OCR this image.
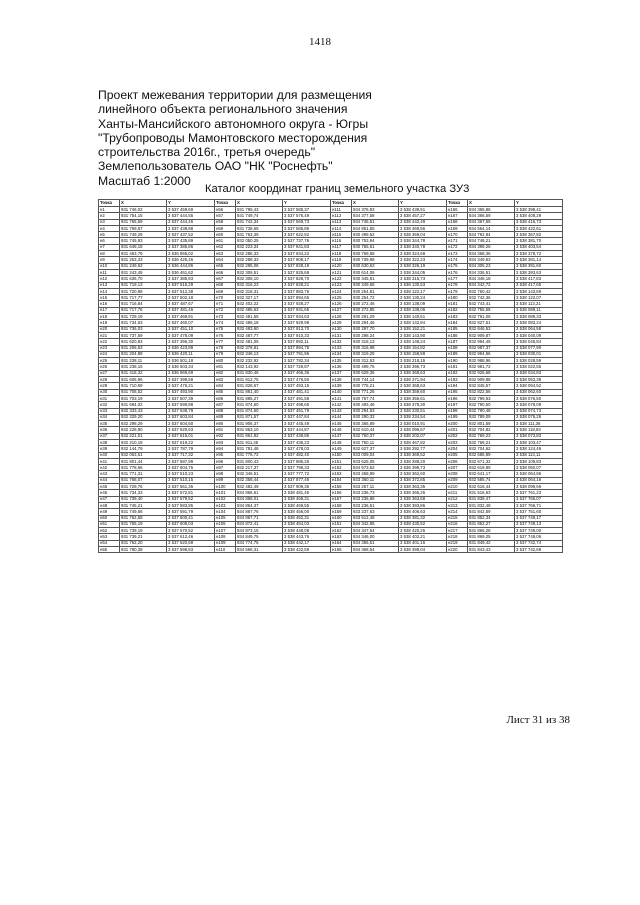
1418
Проект межевания территории для размещения
линейного объекта регионального значения
Ханты-Мансийского автономного округа - Югры
"Трубопроводы Мамонтовского месторождения
строительства 2016г., третья очередь"
Землепользователь ОАО "НК "Роснефть"
Масштаб 1:2000
Каталог координат границ земельного участка ЗУ3
Точка	X	Y	Точка	X	Y	Точка	X	Y	Точка	X	Y
н1	931 746,02	3 537 459,69	н56	931 795,43	3 537 585,37	н111	934 376,93	3 538 439,51	н166	934 365,86	3 538 398,41
н2	931 754,15	3 537 444,55	н57	931 749,74	3 537 576,49	н112	934 377,58	3 538 457,27	н167	934 366,59	3 538 408,29
н3	931 765,59	3 537 444,46	н58	931 742,34	3 537 569,73	н113	934 745,51	3 538 442,49	н168	934 367,55	3 538 416,73
н4	931 769,57	3 537 438,88	н59	931 738,65	3 537 585,86	н114	934 851,55	3 538 469,56	н169	934 564,14	3 538 422,61
н5	931 749,29	3 537 437,52	н60	931 763,39	3 537 622,82	н115	930 499,52	3 538 359,04	н170	934 792,94	3 538 367,82
н6	931 745,93	3 537 435,89	н61	932 050,25	3 537 737,76	н116	930 753,94	3 538 344,78	н171	934 748,21	3 538 381,70
н7	931 648,18	3 537 386,86	н62	932 223,34	3 537 841,83	н117	930 765,61	3 538 340,78	н172	934 398,26	3 538 403,54
н8	931 463,79	3 536 855,02	н63	932 286,33	3 537 834,22	н118	930 759,58	3 538 324,69	н173	934 368,36	3 538 378,72
н9	931 253,33	3 536 425,46	н64	932 288,33	3 537 808,17	н119	930 739,88	3 538 322,23	н174	934 349,63	3 538 381,14
н10	931 249,62	3 536 444,86	н65	932 285,08	3 537 828,19	н120	930 630,63	3 538 326,19	н175	934 305,23	3 538 391,60
н11	931 243,45	3 536 461,62	н66	932 306,51	3 537 825,68	н121	930 614,06	3 538 344,05	н176	934 336,51	3 538 393,63
н12	931 636,70	3 537 385,93	н67	932 308,10	3 537 828,70	н122	930 345,61	3 538 315,73	н177	934 348,18	3 538 417,83
н13	931 719,13	3 537 516,29	н68	932 316,23	3 537 828,21	н123	930 349,66	3 538 130,53	н178	934 342,72	3 538 417,65
н14	931 720,88	3 537 512,38	н69	932 318,31	3 537 883,76	н124	930 254,81	3 538 122,17	н179	932 750,42	3 538 143,69
н15	931 717,77	3 537 502,18	н70	932 327,17	3 537 894,65	н125	930 254,72	3 538 130,24	н180	932 742,36	3 538 122,07
н16	931 716,84	3 537 487,67	н71	932 402,22	3 537 928,27	н126	930 272,46	3 538 138,09	н181	932 743,41	3 538 113,21
н17	931 717,76	3 537 481,46	н72	932 485,63	3 537 931,65	н127	930 272,85	3 538 138,06	н182	932 755,58	3 538 089,11
н18	931 729,19	3 537 469,91	н73	932 481,55	3 537 934,63	н128	930 291,29	3 538 140,61	н183	932 791,06	3 538 089,33
н19	931 734,63	3 537 460,07	н74	932 496,18	3 537 929,98	н129	930 294,46	3 538 142,84	н184	932 827,51	3 538 083,24
н20	931 736,03	3 537 451,10	н75	932 483,90	3 537 913,70	н130	930 297,70	3 538 152,21	н185	932 846,53	3 538 064,58
н21	931 737,59	3 537 478,09	н76	932 487,77	3 537 910,33	н131	930 298,24	3 538 143,90	н186	932 909,87	3 538 040,09
н22	931 620,83	3 537 396,30	н77	932 481,05	3 537 892,11	н132	930 318,13	3 538 148,24	н187	932 994,45	3 538 046,84
н23	931 206,63	3 536 423,89	н78	932 378,81	3 537 894,75	н133	930 316,98	3 538 154,82	н188	932 987,37	3 538 077,90
н24	931 204,88	3 536 420,11	н79	932 346,13	3 537 791,96	н134	930 319,25	3 538 158,58	н189	932 964,66	3 538 030,01
н25	931 238,11	3 536 501,18	н80	932 232,92	3 537 782,34	н135	930 312,53	3 538 218,15	н190	932 988,96	3 538 028,59
н26	931 238,15	3 536 503,34	н81	932 143,92	3 537 726,87	н136	930 499,76	3 538 396,73	н191	932 981,72	3 538 022,55
н27	931 418,32	3 536 969,69	н82	931 830,46	3 537 466,36	н137	930 629,35	3 538 368,63	н192	932 926,68	3 538 034,83
н28	931 606,96	3 537 399,59	н83	931 812,75	3 537 476,50	н138	930 744,14	3 538 371,94	н193	932 909,88	3 538 053,38
н29	931 710,69	3 537 476,21	н84	931 828,67	3 537 493,15	н139	930 775,21	3 538 368,63	н194	932 845,57	3 538 094,52
н30	931 708,52	3 537 493,90	н85	931 861,40	3 537 481,41	н140	930 771,26	3 538 359,60	н195	932 822,56	3 538 062,60
н31	931 703,19	3 537 507,39	н86	931 885,27	3 537 491,58	н141	930 757,74	3 538 356,61	н196	932 799,63	3 538 076,50
н32	931 694,02	3 537 599,88	н87	931 874,60	3 537 498,65	н142	930 493,46	3 538 378,30	н197	932 790,50	3 538 078,09
н33	932 333,43	3 537 638,79	н88	931 874,60	3 537 451,79	н143	930 294,53	3 538 230,51	н198	932 790,48	3 538 074,73
н34	932 329,20	3 537 603,84	н89	931 871,57	3 537 447,84	н144	930 290,33	3 538 234,54	н199	932 789,09	3 538 076,26
н35	932 298,29	3 537 604,50	н90	931 906,37	3 537 445,49	н145	930 365,89	3 538 010,91	н200	932 801,59	3 538 111,36
н36	932 228,90	3 537 620,63	н91	931 863,10	3 537 444,87	н146	932 610,44	3 538 096,67	н201	932 704,82	3 538 118,83
н37	932 221,01	3 537 615,01	н92	931 861,92	3 537 439,85	н147	932 750,37	3 538 202,07	н202	932 769,23	3 538 073,83
н38	932 210,18	3 537 619,22	н93	931 911,45	3 537 436,23	н148	932 750,11	3 538 467,82	н203	932 769,21	3 538 103,47
н39	932 144,79	3 537 787,79	н94	931 781,48	3 537 478,03	н149	932 627,37	3 538 292,77	н204	932 704,62	3 538 124,46
н40	932 063,51	3 537 717,32	н95	931 776,72	3 537 482,40	н150	933 009,04	3 538 369,52	н205	932 686,89	3 538 113,11
н41	931 801,44	3 537 587,99	н96	931 800,43	3 537 885,25	н151	933 625,05	3 538 288,20	н206	932 671,32	3 538 109,83
н42	931 778,66	3 537 604,76	н97	932 217,37	3 537 798,33	н152	934 573,62	3 538 399,73	н207	932 619,89	3 538 050,07
н43	931 771,31	3 537 510,23	н98	932 346,51	3 537 777,72	н153	933 458,99	3 538 362,60	н208	932 641,17	3 538 064,96
н44	931 768,07	3 537 510,15	н99	932 358,44	3 537 877,46	н154	933 360,11	3 538 372,85	н209	932 585,74	3 538 064,16
н45	931 729,76	3 537 561,35	н100	932 482,49	3 537 909,35	н155	933 257,11	3 538 363,35	н210	932 616,44	3 538 099,66
н46	931 734,33	3 537 572,81	н101	934 866,61	3 538 481,45	н156	933 236,73	3 538 366,25	н211	931 516,63	3 537 761,23
н47	931 739,40	3 537 579,52	н102	934 858,01	3 538 469,31	н157	933 235,86	3 538 363,68	н212	931 839,47	3 537 766,07
н48	931 745,21	3 537 583,85	н103	934 864,37	3 538 469,55	н158	933 236,51	3 538 393,86	н213	931 832,49	3 537 766,71
н49	931 749,66	3 537 591,79	н104	934 867,76	3 538 456,00	н159	933 237,63	3 538 406,63	н214	931 842,59	3 537 751,60
н50	931 762,58	3 537 600,41	н105	934 867,71	3 538 452,31	н160	933 512,48	3 538 381,32	н215	931 852,34	3 537 749,17
н51	931 755,19	3 537 608,03	н106	934 872,41	3 538 454,03	н161	934 342,85	3 538 430,52	н216	931 852,27	3 537 749,13
н52	931 739,19	3 537 670,52	н107	934 873,15	3 538 448,08	н162	934 347,54	3 538 420,26	н217	931 866,28	3 537 749,00
н53	931 739,21	3 537 612,46	н108	934 849,75	3 538 443,76	н163	934 346,00	3 538 402,21	н218	931 869,25	3 537 749,06
н54	931 762,20	3 537 620,69	н109	934 774,76	3 538 442,17	н164	934 356,51	3 538 401,16	н219	931 849,42	3 537 742,74
н55	931 780,38	3 537 598,83	н110	934 566,31	3 538 422,59	н165	934 368,54	3 538 399,04	н220	931 843,43	3 537 742,68
Лист 31 из 38
